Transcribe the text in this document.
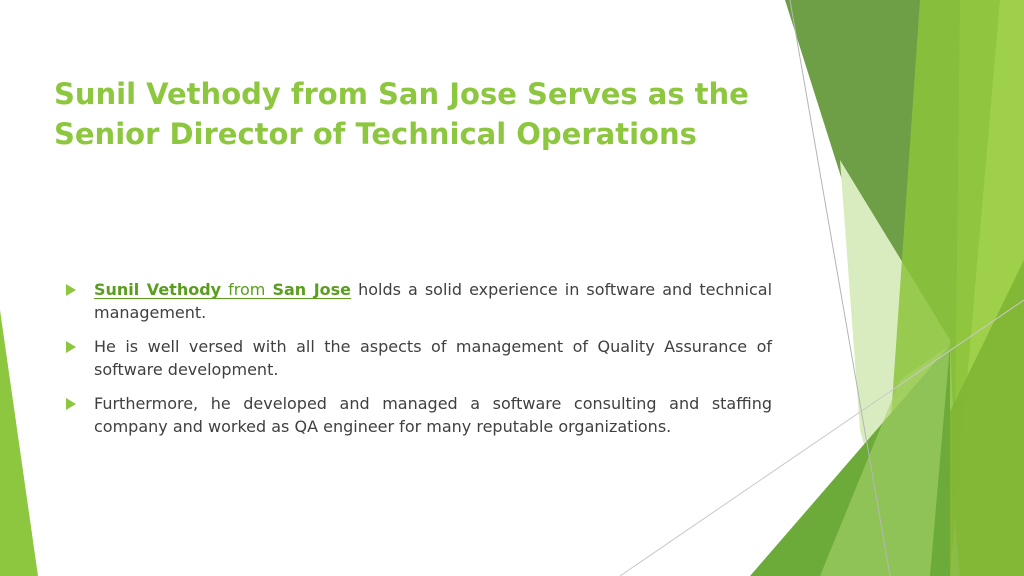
Sunil Vethody from San Jose Serves as the Senior Director of Technical Operations
Sunil Vethody from San Jose holds a solid experience in software and technical management.
He is well versed with all the aspects of management of Quality Assurance of software development.
Furthermore, he developed and managed a software consulting and staffing company and worked as QA engineer for many reputable organizations.
